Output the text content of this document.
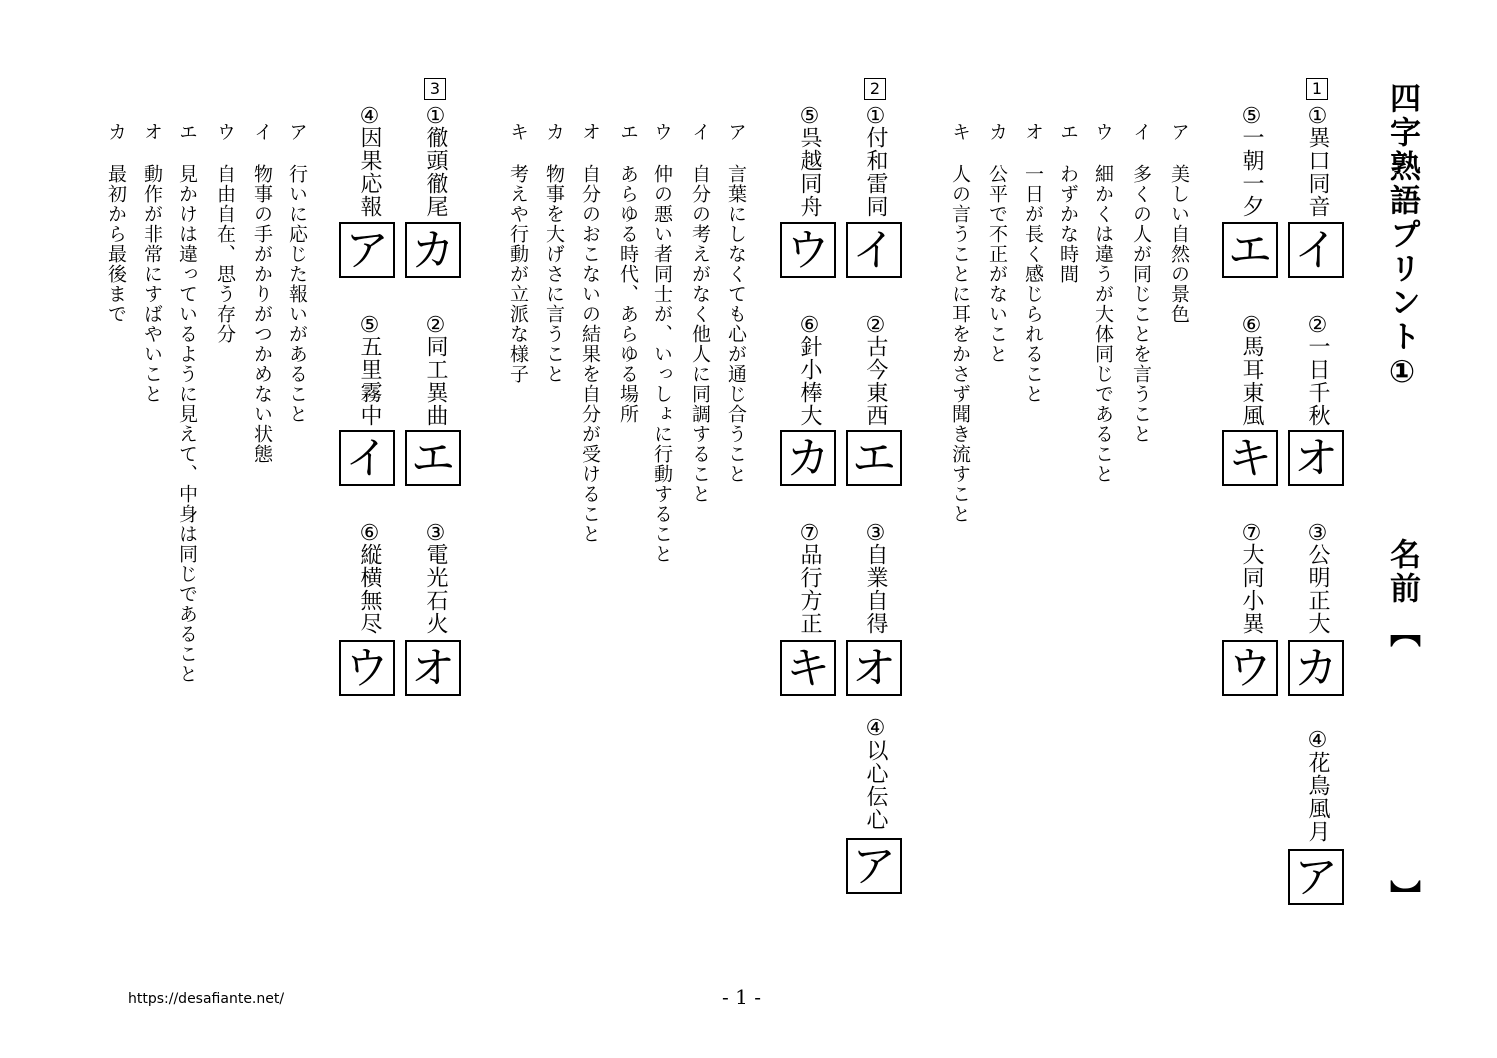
四字熟語プリント①
名前
【
】
1
①
異口同音
イ
②
一日千秋
オ
③
公明正大
カ
④
花鳥風月
ア
⑤
一朝一夕
エ
⑥
馬耳東風
キ
⑦
大同小異
ウ
ア
美しい自然の景色
イ
多くの人が同じことを言うこと
ウ
細かくは違うが大体同じであること
エ
わずかな時間
オ
一日が長く感じられること
カ
公平で不正がないこと
キ
人の言うことに耳をかさず聞き流すこと
2
①
付和雷同
イ
②
古今東西
エ
③
自業自得
オ
④
以心伝心
ア
⑤
呉越同舟
ウ
⑥
針小棒大
カ
⑦
品行方正
キ
ア
言葉にしなくても心が通じ合うこと
イ
自分の考えがなく他人に同調すること
ウ
仲の悪い者同士が、いっしょに行動すること
エ
あらゆる時代、あらゆる場所
オ
自分のおこないの結果を自分が受けること
カ
物事を大げさに言うこと
キ
考えや行動が立派な様子
3
①
徹頭徹尾
カ
②
同工異曲
エ
③
電光石火
オ
④
因果応報
ア
⑤
五里霧中
イ
⑥
縦横無尽
ウ
ア
行いに応じた報いがあること
イ
物事の手がかりがつかめない状態
ウ
自由自在、思う存分
エ
見かけは違っているように見えて、中身は同じであること
オ
動作が非常にすばやいこと
カ
最初から最後まで
https://desafiante.net/	- 1 -
